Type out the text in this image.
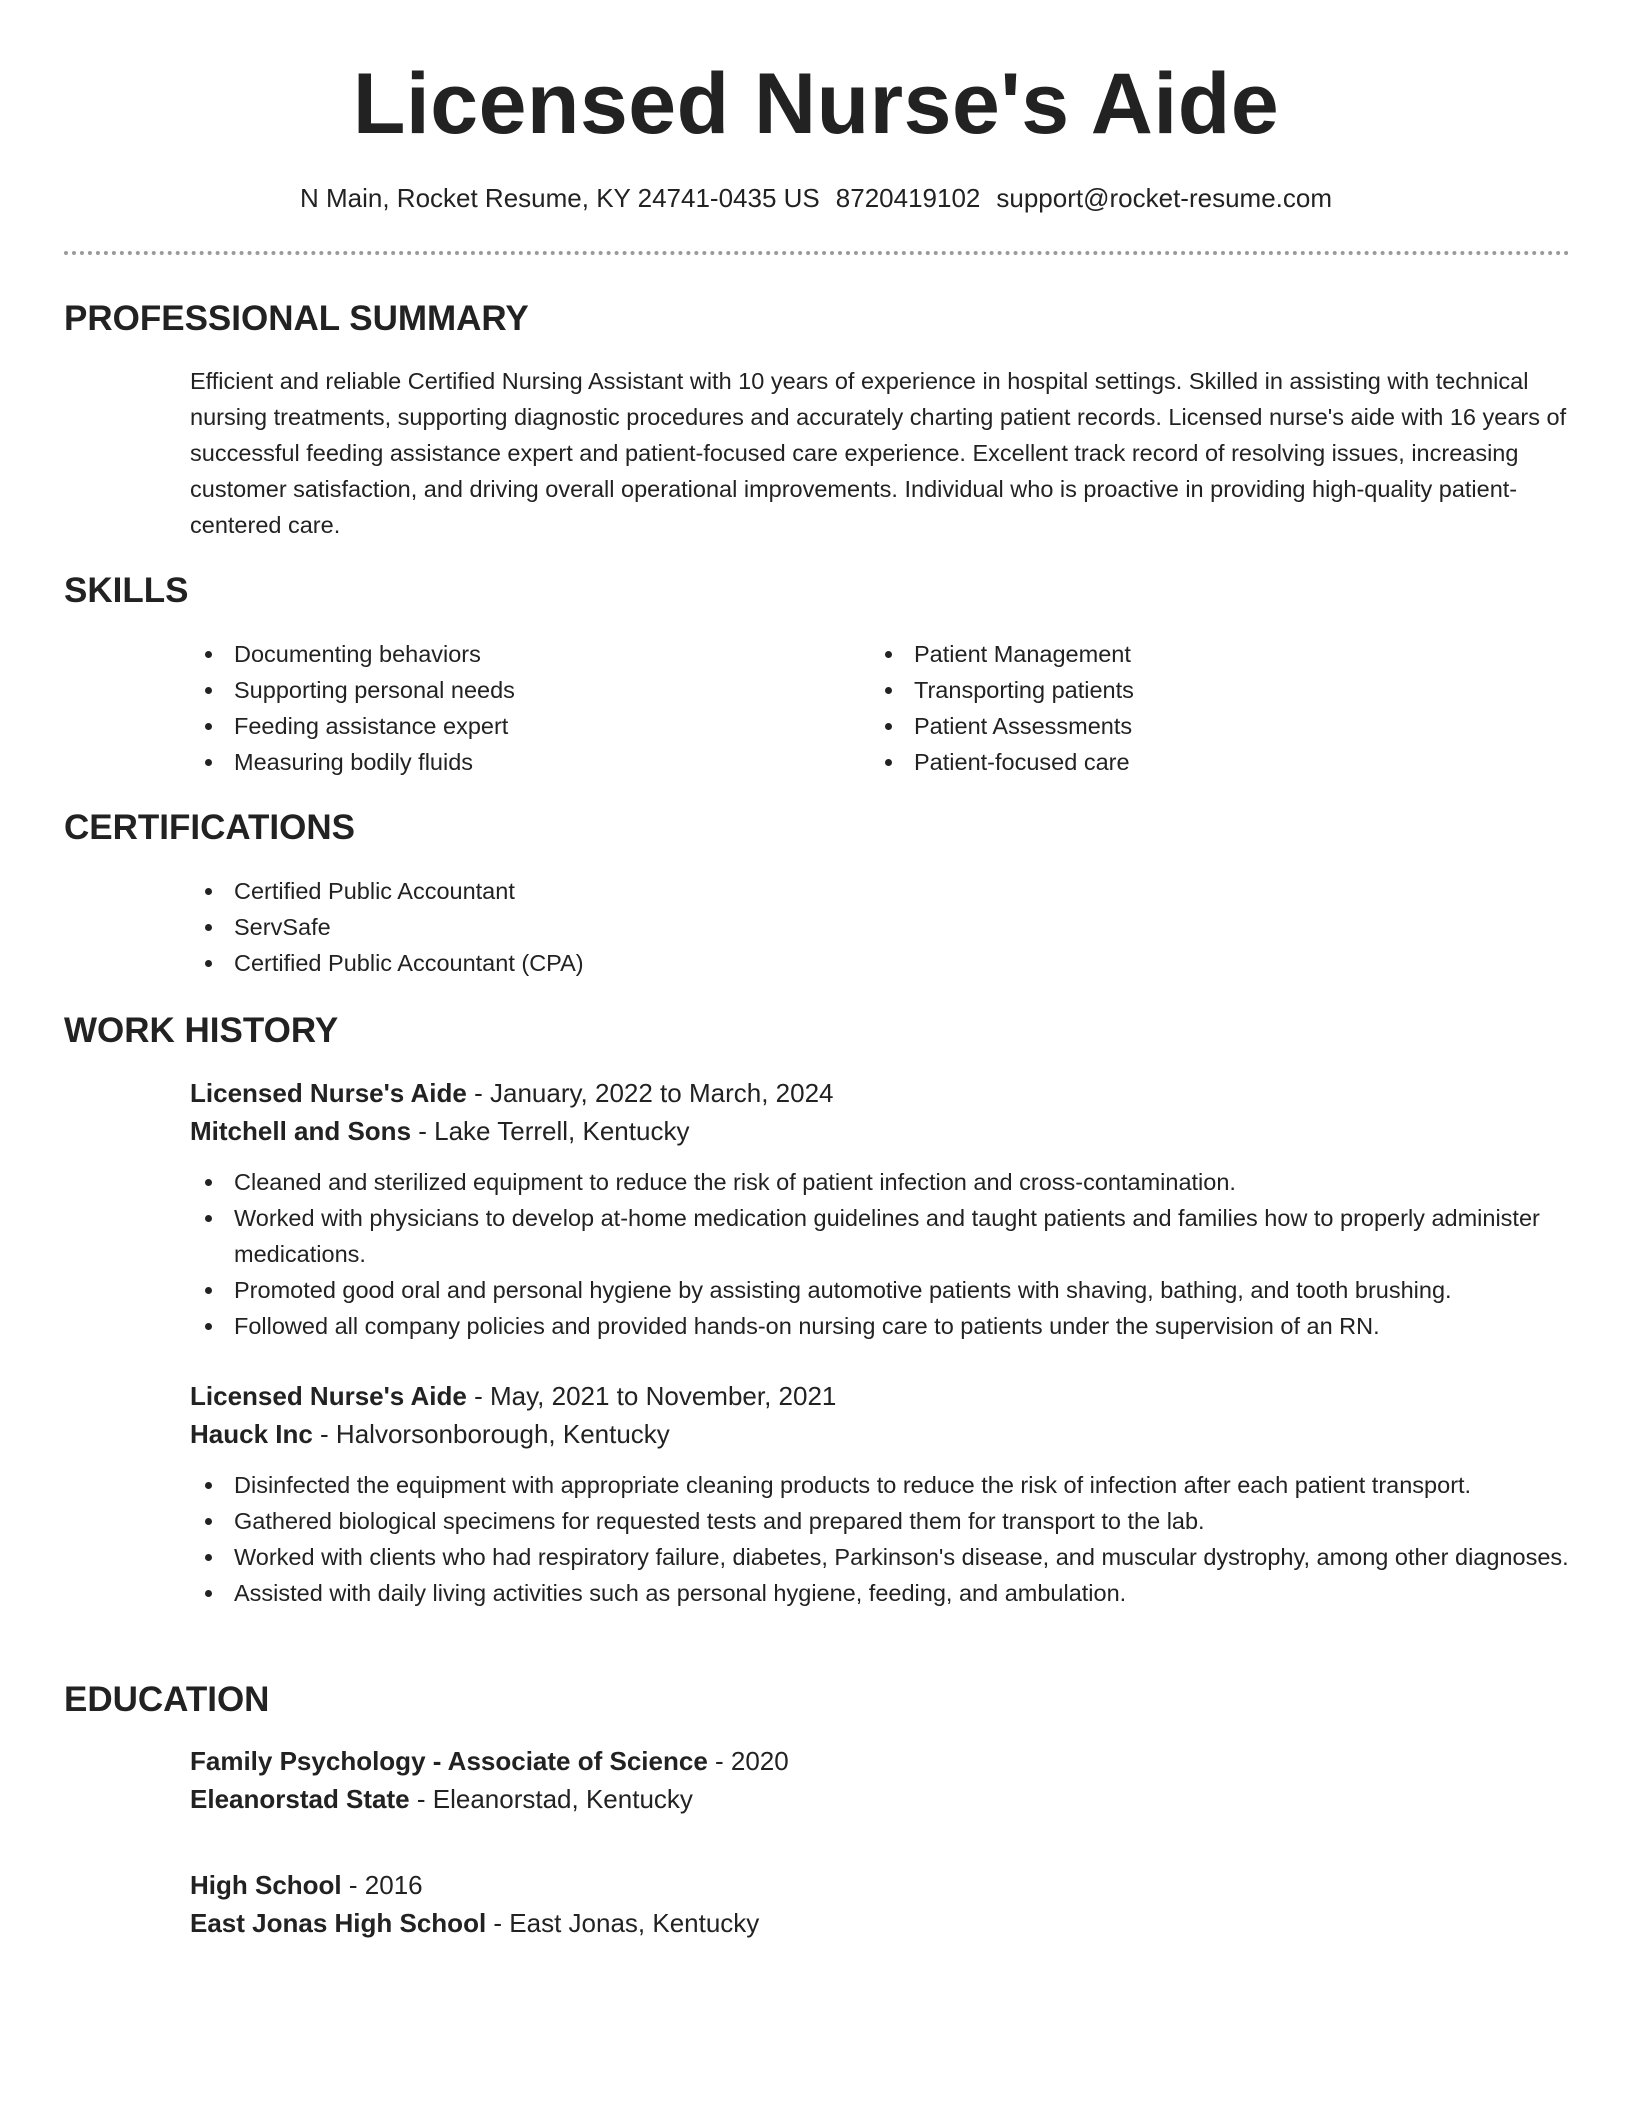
Licensed Nurse's Aide
N Main, Rocket Resume, KY 24741-0435 US 8720419102 support@rocket-resume.com
PROFESSIONAL SUMMARY

Efficient and reliable Certified Nursing Assistant with 10 years of experience in hospital settings. Skilled in assisting with technical nursing treatments, supporting diagnostic procedures and accurately charting patient records. Licensed nurse's aide with 16 years of successful feeding assistance expert and patient-focused care experience. Excellent track record of resolving issues, increasing customer satisfaction, and driving overall operational improvements. Individual who is proactive in providing high-quality patient-centered care.

SKILLS
Documenting behaviors
Supporting personal needs
Feeding assistance expert
Measuring bodily fluids
Patient Management
Transporting patients
Patient Assessments
Patient-focused care
CERTIFICATIONS
Certified Public Accountant
ServSafe
Certified Public Accountant (CPA)
WORK HISTORY
Licensed Nurse's Aide - January, 2022 to March, 2024
Mitchell and Sons - Lake Terrell, Kentucky
Cleaned and sterilized equipment to reduce the risk of patient infection and cross-contamination.
Worked with physicians to develop at-home medication guidelines and taught patients and families how to properly administer medications.
Promoted good oral and personal hygiene by assisting automotive patients with shaving, bathing, and tooth brushing.
Followed all company policies and provided hands-on nursing care to patients under the supervision of an RN.
Licensed Nurse's Aide - May, 2021 to November, 2021
Hauck Inc - Halvorsonborough, Kentucky
Disinfected the equipment with appropriate cleaning products to reduce the risk of infection after each patient transport.
Gathered biological specimens for requested tests and prepared them for transport to the lab.
Worked with clients who had respiratory failure, diabetes, Parkinson's disease, and muscular dystrophy, among other diagnoses.
Assisted with daily living activities such as personal hygiene, feeding, and ambulation.
EDUCATION
Family Psychology - Associate of Science - 2020
Eleanorstad State - Eleanorstad, Kentucky
High School - 2016
East Jonas High School - East Jonas, Kentucky
